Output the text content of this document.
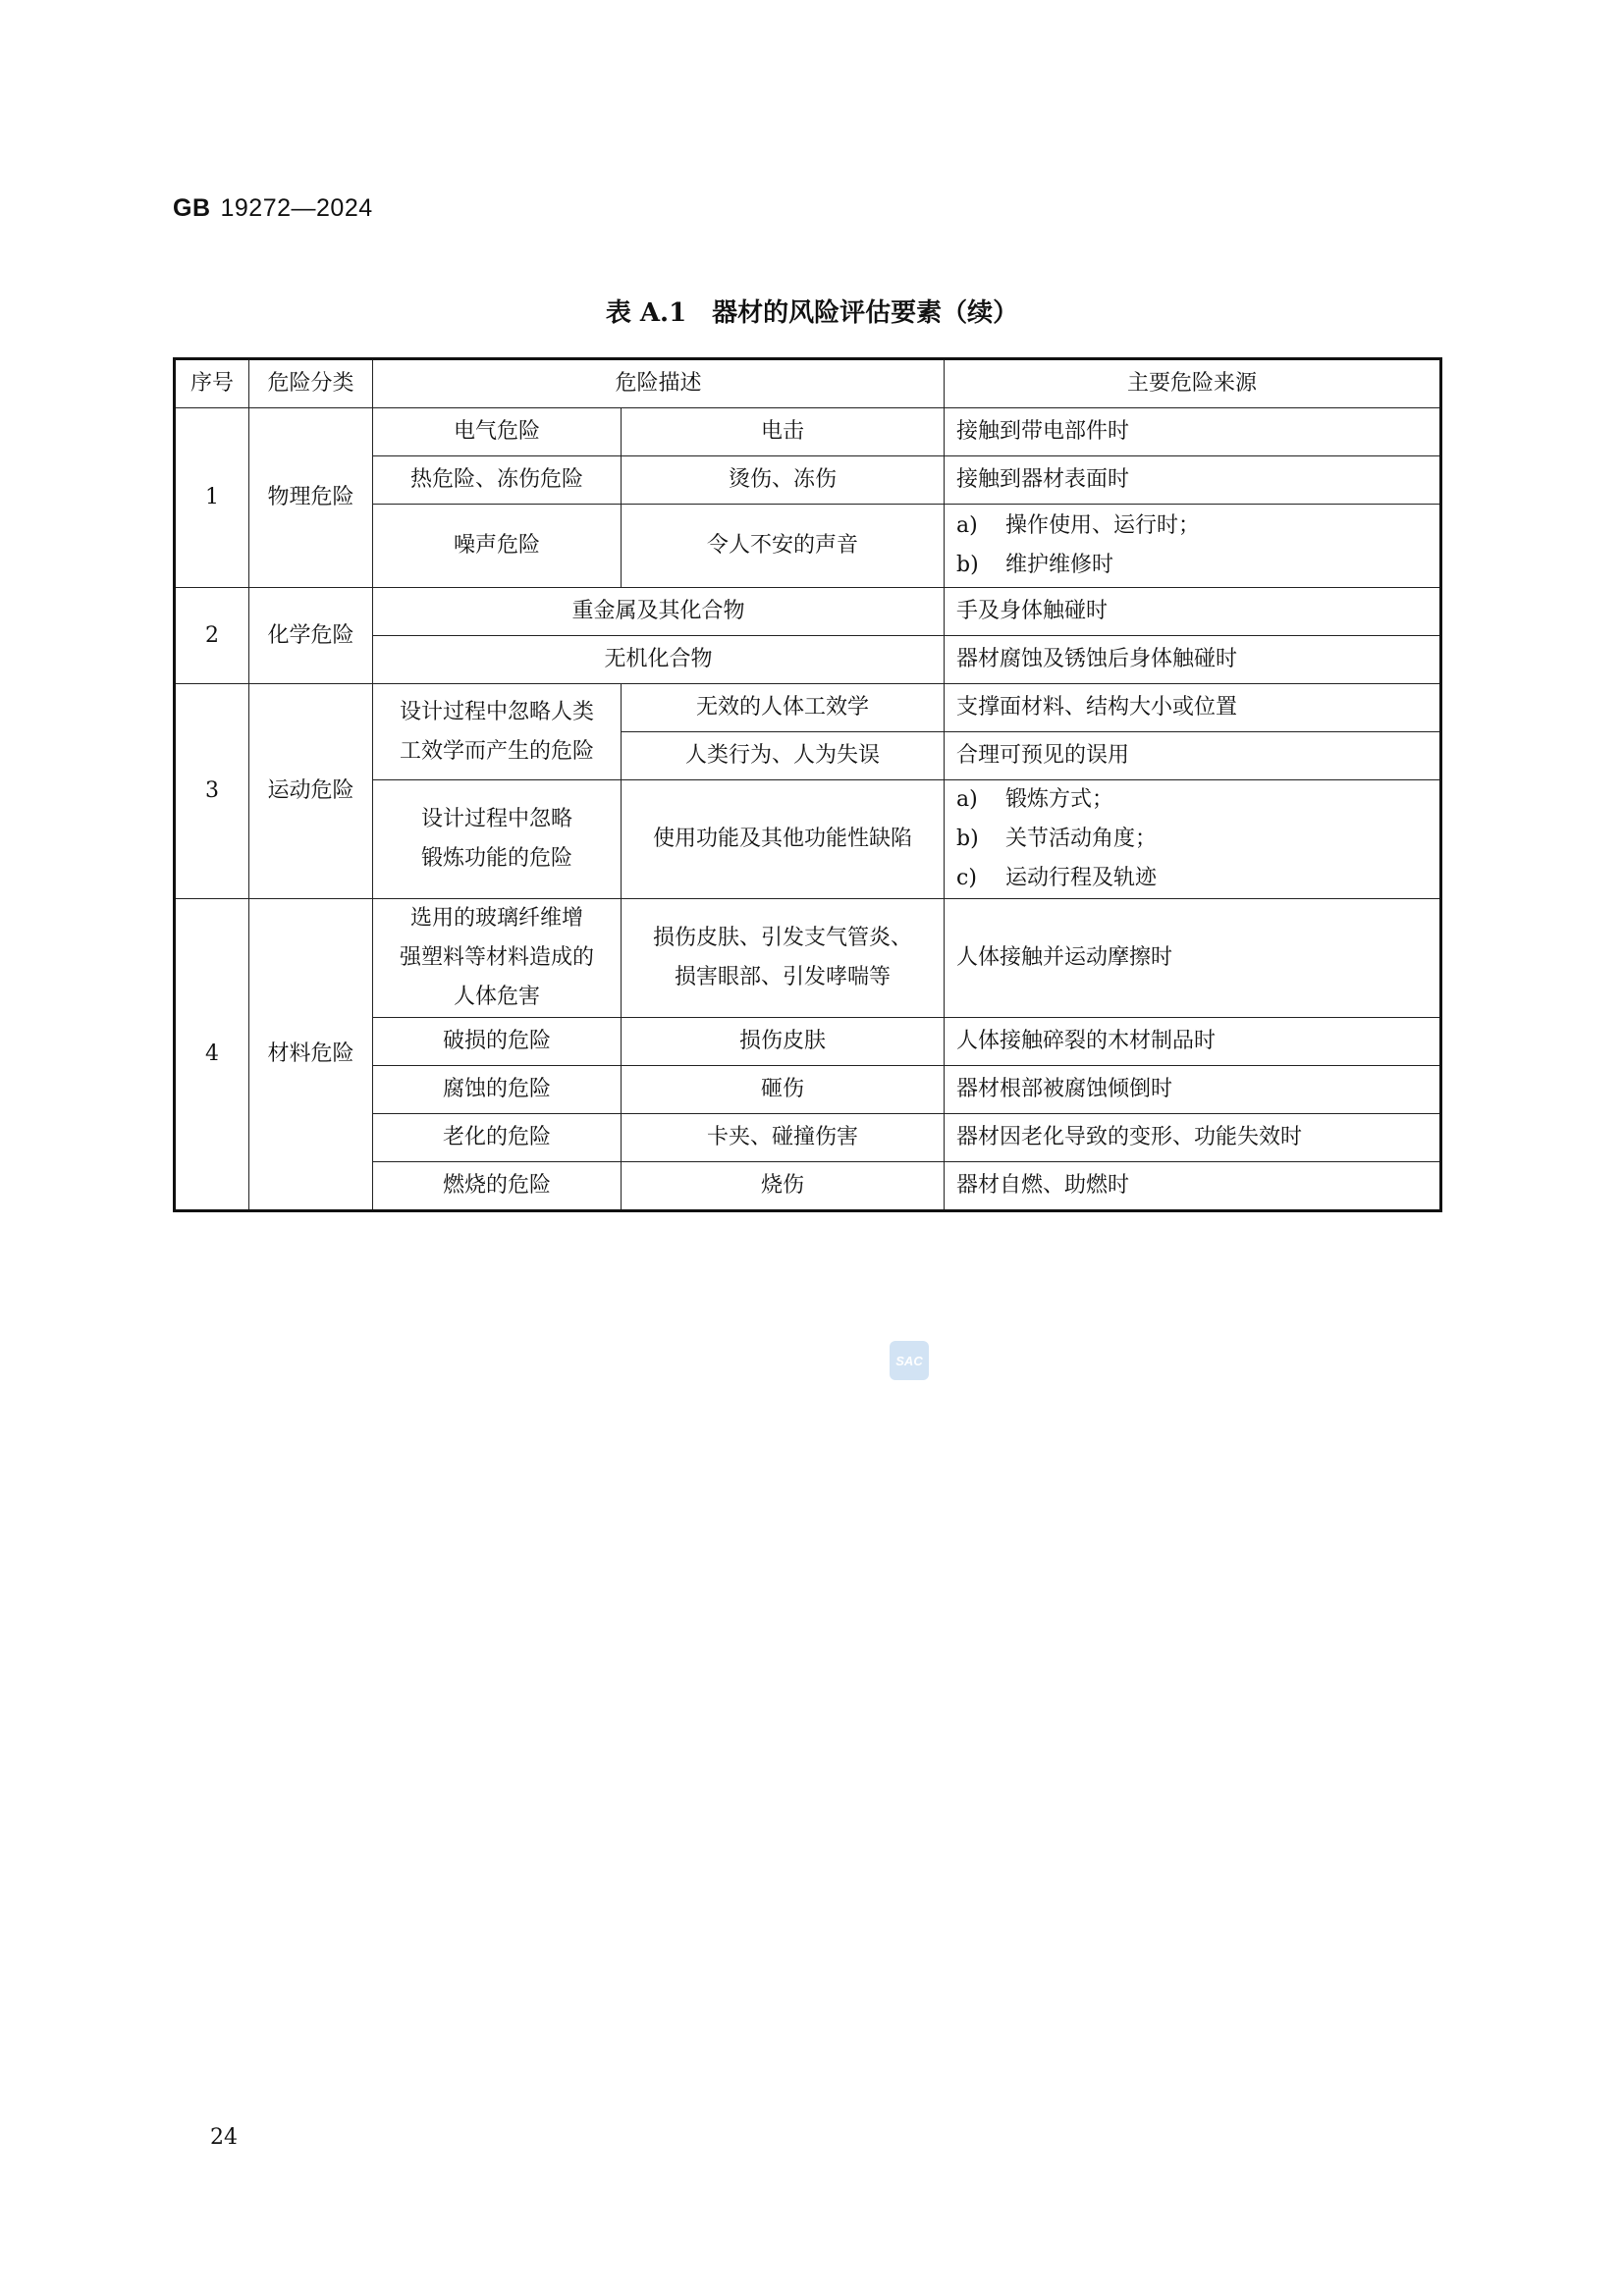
GB 19272—2024
表 A.1　器材的风险评估要素（续）
序号	危险分类	危险描述		主要危险来源
1	物理危险	电气危险	电击	接触到带电部件时
		热危险、冻伤危险	烫伤、冻伤	接触到器材表面时
		噪声危险	令人不安的声音	a) 操作使用、运行时；
b) 维护维修时

2	化学危险	重金属及其化合物		手及身体触碰时
		无机化合物		器材腐蚀及锈蚀后身体触碰时
3	运动危险	设计过程中忽略人类
工效学而产生的危险	无效的人体工效学	支撑面材料、结构大小或位置
			人类行为、人为失误	合理可预见的误用

		设计过程中忽略
锻炼功能的危险	使用功能及其他功能性缺陷	a) 锻炼方式；
b) 关节活动角度；
c) 运动行程及轨迹

4	材料危险	选用的玻璃纤维增
强塑料等材料造成的
人体危害	损伤皮肤、引发支气管炎、
损害眼部、引发哮喘等	人体接触并运动摩擦时
		破损的危险	损伤皮肤	人体接触碎裂的木材制品时
		腐蚀的危险	砸伤	器材根部被腐蚀倾倒时
		老化的危险	卡夹、碰撞伤害	器材因老化导致的变形、功能失效时
		燃烧的危险	烧伤	器材自燃、助燃时
SAC
24
